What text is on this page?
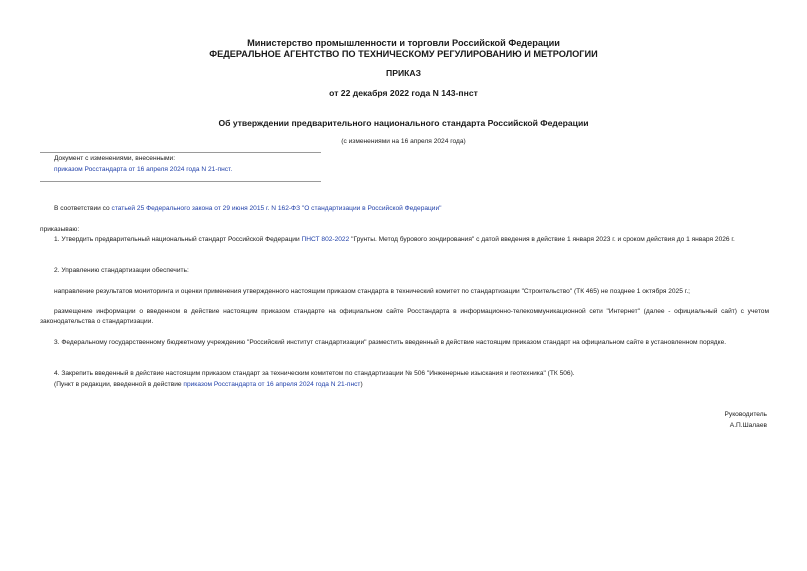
Министерство промышленности и торговли Российской Федерации
ФЕДЕРАЛЬНОЕ АГЕНТСТВО ПО ТЕХНИЧЕСКОМУ РЕГУЛИРОВАНИЮ И МЕТРОЛОГИИ
ПРИКАЗ
от 22 декабря 2022 года N 143-пнст
Об утверждении предварительного национального стандарта Российской Федерации
(с изменениями на 16 апреля 2024 года)
Документ с изменениями, внесенными:
приказом Росстандарта от 16 апреля 2024 года N 21-пнст.
В соответствии со статьей 25 Федерального закона от 29 июня 2015 г. N 162-ФЗ "О стандартизации в Российской Федерации"
приказываю:
1. Утвердить предварительный национальный стандарт Российской Федерации ПНСТ 802-2022 "Грунты. Метод бурового зондирования" с датой введения в действие 1 января 2023 г. и сроком действия до 1 января 2026 г.
2. Управлению стандартизации обеспечить:
направление результатов мониторинга и оценки применения утвержденного настоящим приказом стандарта в технический комитет по стандартизации "Строительство" (ТК 465) не позднее 1 октября 2025 г.;
размещение информации о введенном в действие настоящим приказом стандарте на официальном сайте Росстандарта в информационно-телекоммуникационной сети "Интернет" (далее - официальный сайт) с учетом законодательства о стандартизации.
3. Федеральному государственному бюджетному учреждению "Российский институт стандартизации" разместить введенный в действие настоящим приказом стандарт на официальном сайте в установленном порядке.
4. Закрепить введенный в действие настоящим приказом стандарт за техническим комитетом по стандартизации № 506 "Инженерные изыскания и геотехника" (ТК 506).
(Пункт в редакции, введенной в действие приказом Росстандарта от 16 апреля 2024 года N 21-пнст)
Руководитель
А.П.Шалаев
